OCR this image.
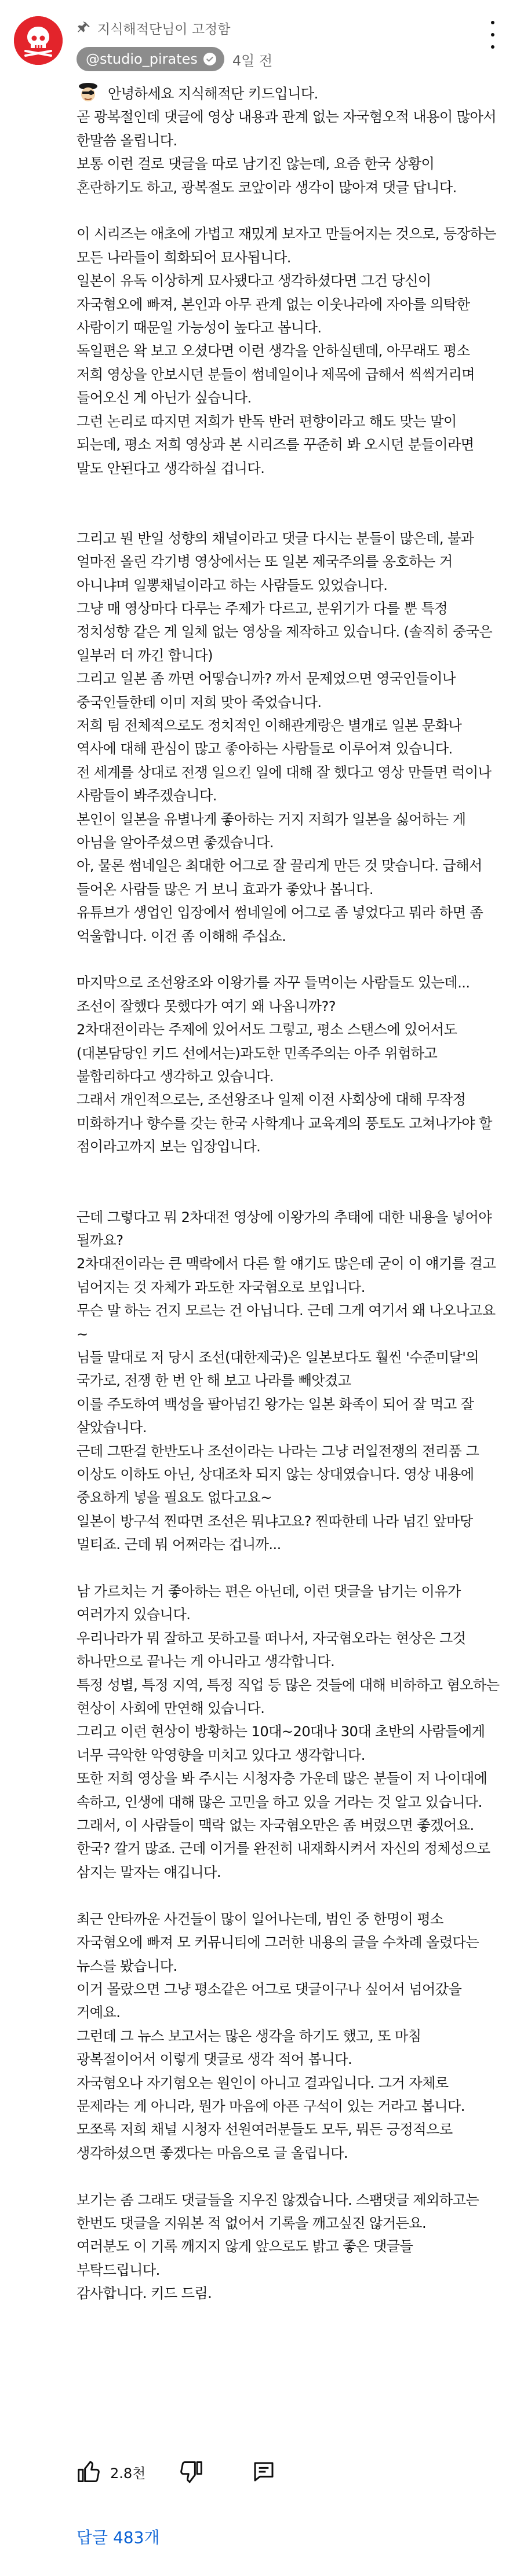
지식해적단님이 고정함
@studio_pirates	4일 전
안녕하세요 지식해적단 키드입니다.
곧 광복절인데 댓글에 영상 내용과 관계 없는 자국혐오적 내용이 많아서 한말씀 올립니다.
보통 이런 걸로 댓글을 따로 남기진 않는데, 요즘 한국 상황이 혼란하기도 하고, 광복절도 코앞이라 생각이 많아져 댓글 답니다.

이 시리즈는 애초에 가볍고 재밌게 보자고 만들어지는 것으로, 등장하는 모든 나라들이 희화되어 묘사됩니다.
일본이 유독 이상하게 묘사됐다고 생각하셨다면 그건 당신이 자국혐오에 빠져, 본인과 아무 관계 없는 이웃나라에 자아를 의탁한 사람이기 때문일 가능성이 높다고 봅니다.
독일편은 왁 보고 오셨다면 이런 생각을 안하실텐데, 아무래도 평소 저희 영상을 안보시던 분들이 썸네일이나 제목에 급해서 씩씩거리며 들어오신 게 아닌가 싶습니다.
그런 논리로 따지면 저희가 반독 반러 편향이라고 해도 맞는 말이 되는데, 평소 저희 영상과 본 시리즈를 꾸준히 봐 오시던 분들이라면  말도 안된다고 생각하실 겁니다.

그리고 뭔 반일 성향의 채널이라고 댓글 다시는 분들이 많은데, 불과 얼마전 올린 각기병 영상에서는 또 일본 제국주의를 옹호하는 거 아니냐며 일뽕채널이라고 하는 사람들도 있었습니다.
그냥 매 영상마다 다루는 주제가 다르고, 분위기가 다를 뿐 특정 정치성향 같은 게 일체 없는 영상을 제작하고 있습니다. (솔직히 중국은 일부러 더 까긴 합니다)
그리고 일본 좀 까면 어떻습니까? 까서 문제었으면 영국인들이나 중국인들한테 이미 저희 맞아 죽었습니다.
저희 팀 전체적으로도 정치적인 이해관계랑은 별개로 일본 문화나 역사에 대해 관심이 많고 좋아하는 사람들로 이루어져 있습니다.
전 세계를 상대로 전쟁 일으킨 일에 대해 잘 했다고 영상 만들면 럭이나 사람들이 봐주겠습니다.
본인이 일본을 유별나게 좋아하는 거지 저희가 일본을 싫어하는 게 아님을 알아주셨으면 좋겠습니다.
아, 물론 썸네일은 최대한 어그로 잘 끌리게 만든 것 맞습니다. 급해서 들어온 사람들 많은 거 보니 효과가 좋았나 봅니다.
유튜브가 생업인 입장에서 썸네일에 어그로 좀 넣었다고 뭐라 하면 좀 억울합니다. 이건 좀 이해해 주십쇼.

마지막으로 조선왕조와 이왕가를 자꾸 들먹이는 사람들도 있는데...
조선이 잘했다 못했다가 여기 왜 나옵니까??
2차대전이라는 주제에 있어서도 그렇고, 평소 스탠스에 있어서도 (대본담당인 키드 선에서는)과도한 민족주의는 아주 위험하고 불합리하다고 생각하고 있습니다.
그래서 개인적으로는, 조선왕조나 일제 이전 사회상에 대해 무작정 미화하거나 향수를 갖는 한국 사학계나 교육계의 풍토도 고쳐나가야 할 점이라고까지 보는 입장입니다.

근데 그렇다고 뭐 2차대전 영상에 이왕가의 추태에 대한 내용을 넣어야 될까요?
2차대전이라는 큰 맥락에서 다른 할 얘기도 많은데 굳이 이 얘기를 걸고 넘어지는 것 자체가 과도한 자국혐오로 보입니다.
무슨 말 하는 건지 모르는 건 아닙니다. 근데 그게 여기서 왜 나오나고요~
님들 말대로 저 당시 조선(대한제국)은 일본보다도 훨씬 '수준미달'의 국가로, 전쟁 한 번 안 해 보고 나라를 빼앗겼고
이를 주도하여 백성을 팔아넘긴 왕가는 일본 화족이 되어 잘 먹고 잘 살았습니다.
근데 그딴걸 한반도나 조선이라는 나라는 그냥 러일전쟁의 전리품 그 이상도 이하도 아닌, 상대조차 되지 않는 상대였습니다. 영상 내용에 중요하게 넣을 필요도 없다고요~
일본이 방구석 찐따면 조선은 뭐냐고요? 찐따한테 나라 넘긴 앞마당 멀티죠. 근데 뭐 어쩌라는 겁니까...

남 가르치는 거 좋아하는 편은 아닌데, 이런 댓글을 남기는 이유가 여러가지 있습니다.
우리나라가 뭐 잘하고 못하고를 떠나서, 자국혐오라는 현상은 그것 하나만으로 끝나는 게 아니라고 생각합니다.
특정 성별, 특정 지역, 특정 직업 등 많은 것들에 대해 비하하고 혐오하는 현상이 사회에 만연해 있습니다.
그리고 이런 현상이 방황하는 10대~20대나 30대 초반의 사람들에게 너무 극악한 악영향을 미치고 있다고 생각합니다.
또한 저희 영상을 봐 주시는 시청자층 가운데 많은 분들이 저 나이대에 속하고, 인생에 대해 많은 고민을 하고 있을 거라는 것 알고 있습니다.
그래서, 이 사람들이 맥락 없는 자국혐오만은 좀 버렸으면 좋겠어요.
한국? 깔거 많죠. 근데 이거를 완전히 내재화시켜서 자신의 정체성으로 삼지는 말자는 얘깁니다.

최근 안타까운 사건들이 많이 일어나는데, 범인 중 한명이 평소 자국혐오에 빠져 모 커뮤니티에 그러한 내용의 글을 수차례 올렸다는 뉴스를 봤습니다.
이거 몰랐으면 그냥 평소같은 어그로 댓글이구나 싶어서 넘어갔을 거예요.
그런데 그 뉴스 보고서는 많은 생각을 하기도 했고, 또 마침 광복절이어서 이렇게 댓글로 생각 적어 봅니다.
자국혐오나 자기혐오는 원인이 아니고 결과입니다. 그거 자체로 문제라는 게 아니라, 뭔가 마음에 아픈 구석이 있는 거라고 봅니다.
모쪼록 저희 채널 시청자 선원여러분들도 모두, 뭐든 긍정적으로 생각하셨으면 좋겠다는 마음으로 글 올립니다.

보기는 좀 그래도 댓글들을 지우진 않겠습니다. 스팸댓글 제외하고는 한번도 댓글을 지워본 적 없어서 기록을 깨고싶진 않거든요.
여러분도 이 기록 깨지지 않게 앞으로도 밝고 좋은 댓글들 부탁드립니다.
감사합니다. 키드 드림.
2.8천
답글 483개
